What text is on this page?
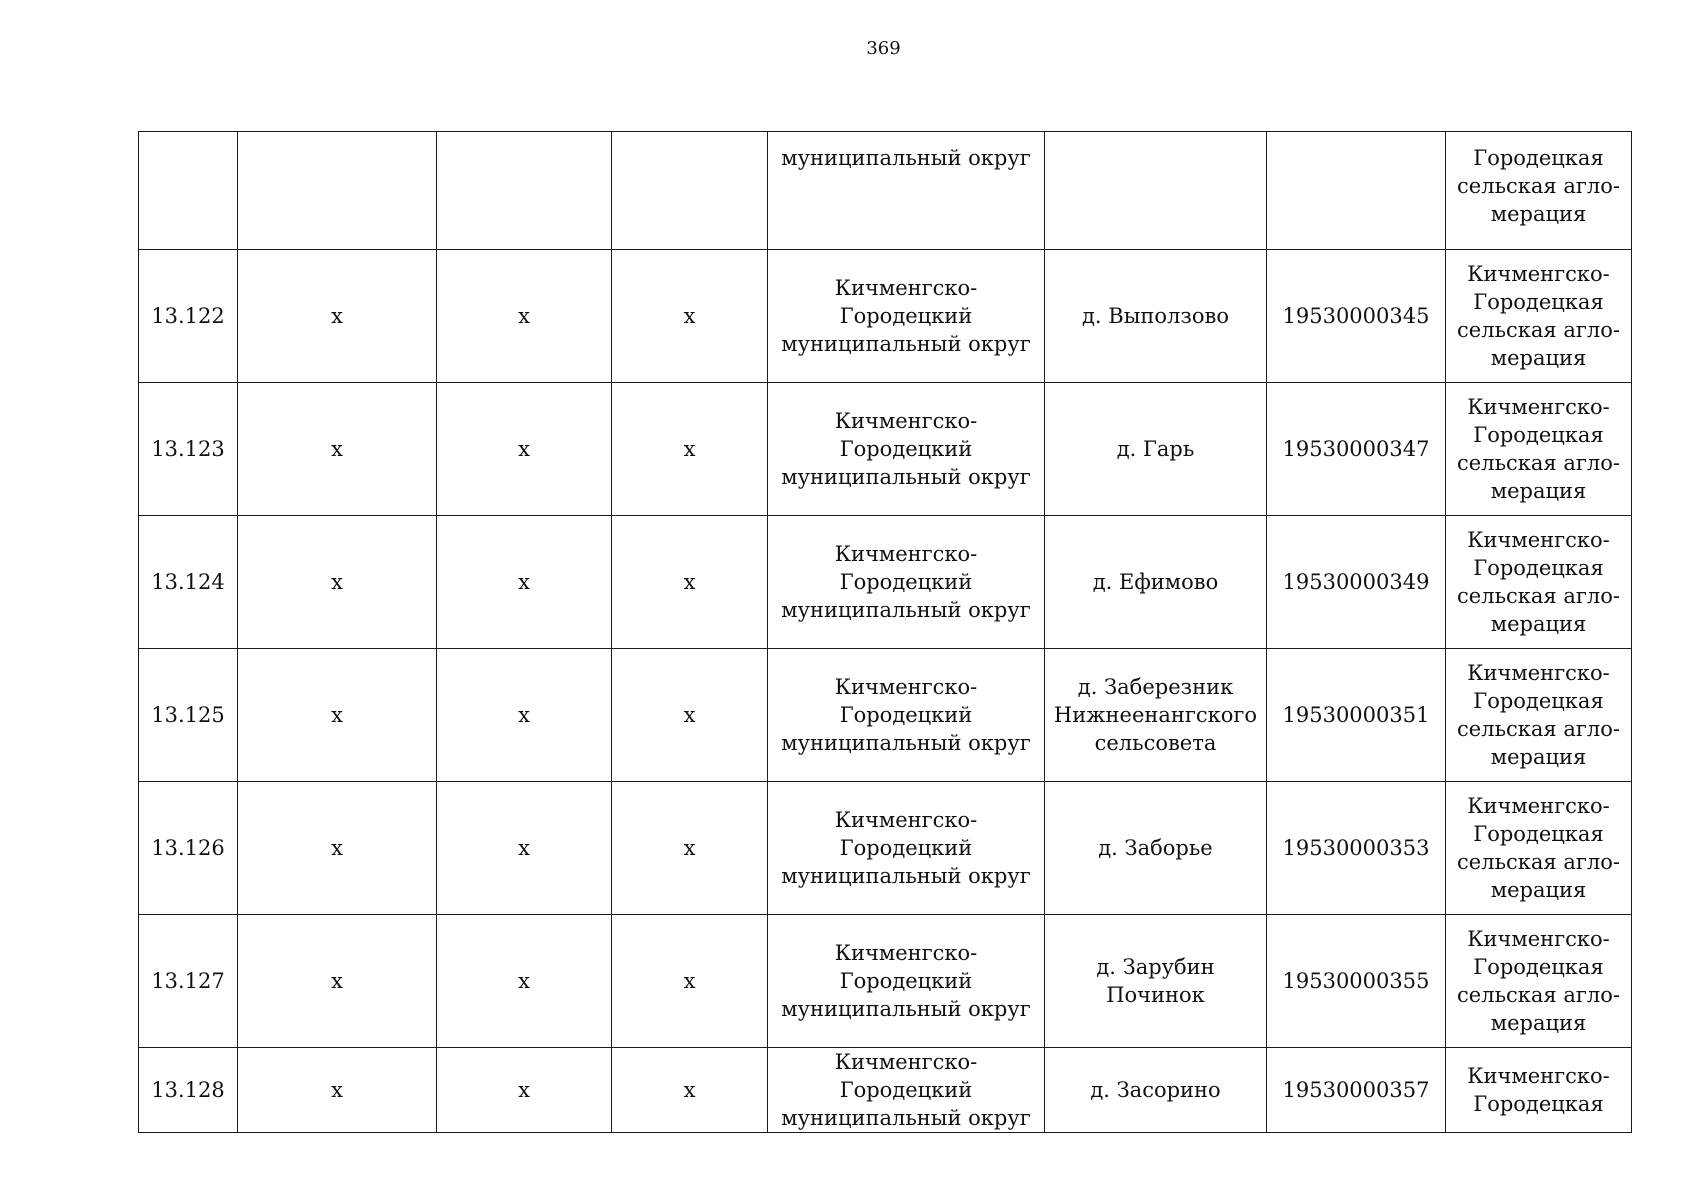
369
				муниципальный округ			Городецкая сельская агло-мерация
13.122	х	х	х	Кичменгско-Городецкий муниципальный округ	д. Выползово	19530000345	Кичменгско-Городецкая сельская агло-мерация
13.123	х	х	х	Кичменгско-Городецкий муниципальный округ	д. Гарь	19530000347	Кичменгско-Городецкая сельская агло-мерация
13.124	х	х	х	Кичменгско-Городецкий муниципальный округ	д. Ефимово	19530000349	Кичменгско-Городецкая сельская агло-мерация
13.125	х	х	х	Кичменгско-Городецкий муниципальный округ	д. Заберезник Нижнеенангского сельсовета	19530000351	Кичменгско-Городецкая сельская агло-мерация
13.126	х	х	х	Кичменгско-Городецкий муниципальный округ	д. Заборье	19530000353	Кичменгско-Городецкая сельская агло-мерация
13.127	х	х	х	Кичменгско-Городецкий муниципальный округ	д. Зарубин Починок	19530000355	Кичменгско-Городецкая сельская агло-мерация
13.128	х	х	х	Кичменгско-Городецкий муниципальный округ	д. Засорино	19530000357	Кичменгско-Городецкая
